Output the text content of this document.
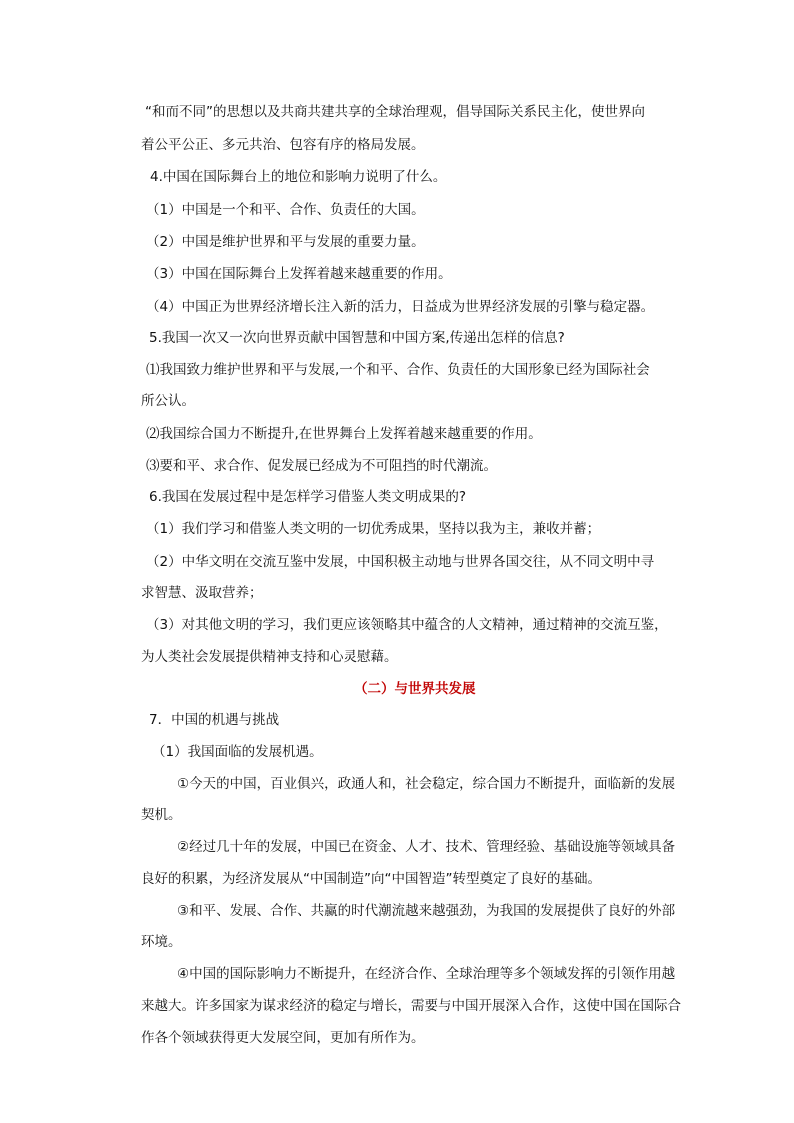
“和而不同”的思想以及共商共建共享的全球治理观，倡导国际关系民主化，使世界向
着公平公正、多元共治、包容有序的格局发展。
4.中国在国际舞台上的地位和影响力说明了什么。
（1）中国是一个和平、合作、负责任的大国。
（2）中国是维护世界和平与发展的重要力量。
（3）中国在国际舞台上发挥着越来越重要的作用。
（4）中国正为世界经济增长注入新的活力，日益成为世界经济发展的引擎与稳定器。
5.我国一次又一次向世界贡献中国智慧和中国方案,传递出怎样的信息?
⑴我国致力维护世界和平与发展,一个和平、合作、负责任的大国形象已经为国际社会
所公认。
⑵我国综合国力不断提升,在世界舞台上发挥着越来越重要的作用。
⑶要和平、求合作、促发展已经成为不可阻挡的时代潮流。
6.我国在发展过程中是怎样学习借鉴人类文明成果的?
（1）我们学习和借鉴人类文明的一切优秀成果，坚持以我为主，兼收并蓄；
（2）中华文明在交流互鉴中发展，中国积极主动地与世界各国交往，从不同文明中寻
求智慧、汲取营养；
（3）对其他文明的学习，我们更应该领略其中蕴含的人文精神，通过精神的交流互鉴，
为人类社会发展提供精神支持和心灵慰藉。
（二）与世界共发展
7．中国的机遇与挑战
（1）我国面临的发展机遇。
①今天的中国，百业俱兴，政通人和，社会稳定，综合国力不断提升，面临新的发展
契机。
②经过几十年的发展，中国已在资金、人才、技术、管理经验、基础设施等领域具备
良好的积累，为经济发展从“中国制造”向“中国智造”转型奠定了良好的基础。
③和平、发展、合作、共赢的时代潮流越来越强劲，为我国的发展提供了良好的外部
环境。
④中国的国际影响力不断提升，在经济合作、全球治理等多个领域发挥的引领作用越
来越大。许多国家为谋求经济的稳定与增长，需要与中国开展深入合作，这使中国在国际合
作各个领域获得更大发展空间，更加有所作为。
